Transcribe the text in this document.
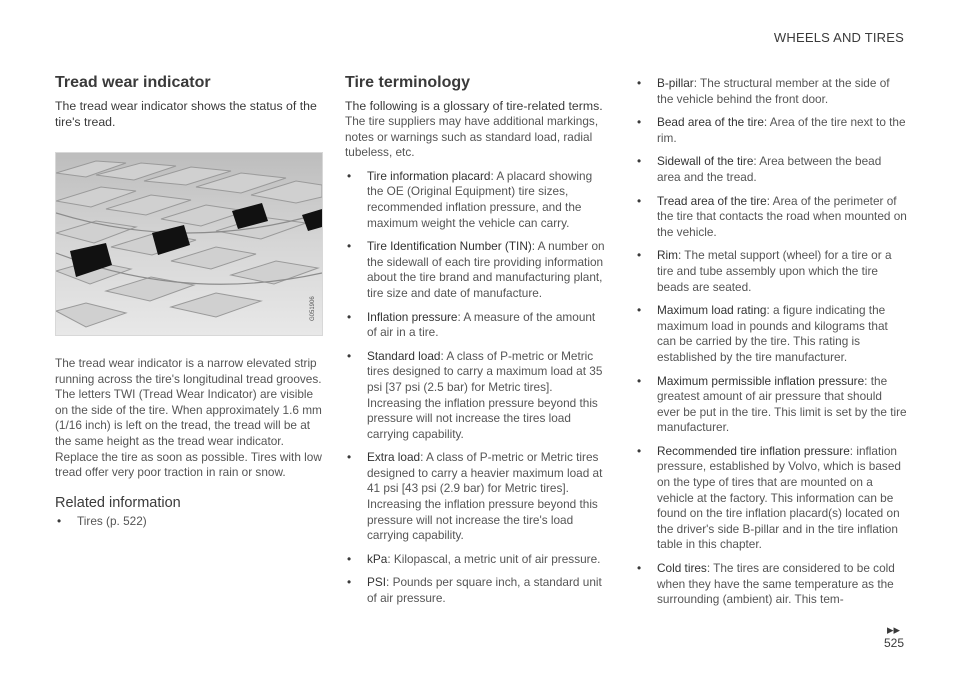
WHEELS AND TIRES
Tread wear indicator

The tread wear indicator shows the status of the tire's tread.

G051906

The tread wear indicator is a narrow elevated strip running across the tire's longitudinal tread grooves. The letters TWI (Tread Wear Indicator) are visible on the side of the tire. When approximately 1.6 mm (1/16 inch) is left on the tread, the tread will be at the same height as the tread wear indicator. Replace the tire as soon as possible. Tires with low tread offer very poor traction in rain or snow.

Related information
• Tires (p. 522)
Tire terminology

The following is a glossary of tire-related terms.

The tire suppliers may have additional markings, notes or warnings such as standard load, radial tubeless, etc.

• Tire information placard: A placard showing the OE (Original Equipment) tire sizes, recommended inflation pressure, and the maximum weight the vehicle can carry.
• Tire Identification Number (TIN): A number on the sidewall of each tire providing information about the tire brand and manufacturing plant, tire size and date of manufacture.
• Inflation pressure: A measure of the amount of air in a tire.
• Standard load: A class of P-metric or Metric tires designed to carry a maximum load at 35 psi [37 psi (2.5 bar) for Metric tires]. Increasing the inflation pressure beyond this pressure will not increase the tires load carrying capability.
• Extra load: A class of P-metric or Metric tires designed to carry a heavier maximum load at 41 psi [43 psi (2.9 bar) for Metric tires]. Increasing the inflation pressure beyond this pressure will not increase the tire's load carrying capability.
• kPa: Kilopascal, a metric unit of air pressure.
• PSI: Pounds per square inch, a standard unit of air pressure.
• B-pillar: The structural member at the side of the vehicle behind the front door.
• Bead area of the tire: Area of the tire next to the rim.
• Sidewall of the tire: Area between the bead area and the tread.
• Tread area of the tire: Area of the perimeter of the tire that contacts the road when mounted on the vehicle.
• Rim: The metal support (wheel) for a tire or a tire and tube assembly upon which the tire beads are seated.
• Maximum load rating: a figure indicating the maximum load in pounds and kilograms that can be carried by the tire. This rating is established by the tire manufacturer.
• Maximum permissible inflation pressure: the greatest amount of air pressure that should ever be put in the tire. This limit is set by the tire manufacturer.
• Recommended tire inflation pressure: inflation pressure, established by Volvo, which is based on the type of tires that are mounted on a vehicle at the factory. This information can be found on the tire inflation placard(s) located on the driver's side B-pillar and in the tire inflation table in this chapter.
• Cold tires: The tires are considered to be cold when they have the same temperature as the surrounding (ambient) air. This tem-
▸▸
525
